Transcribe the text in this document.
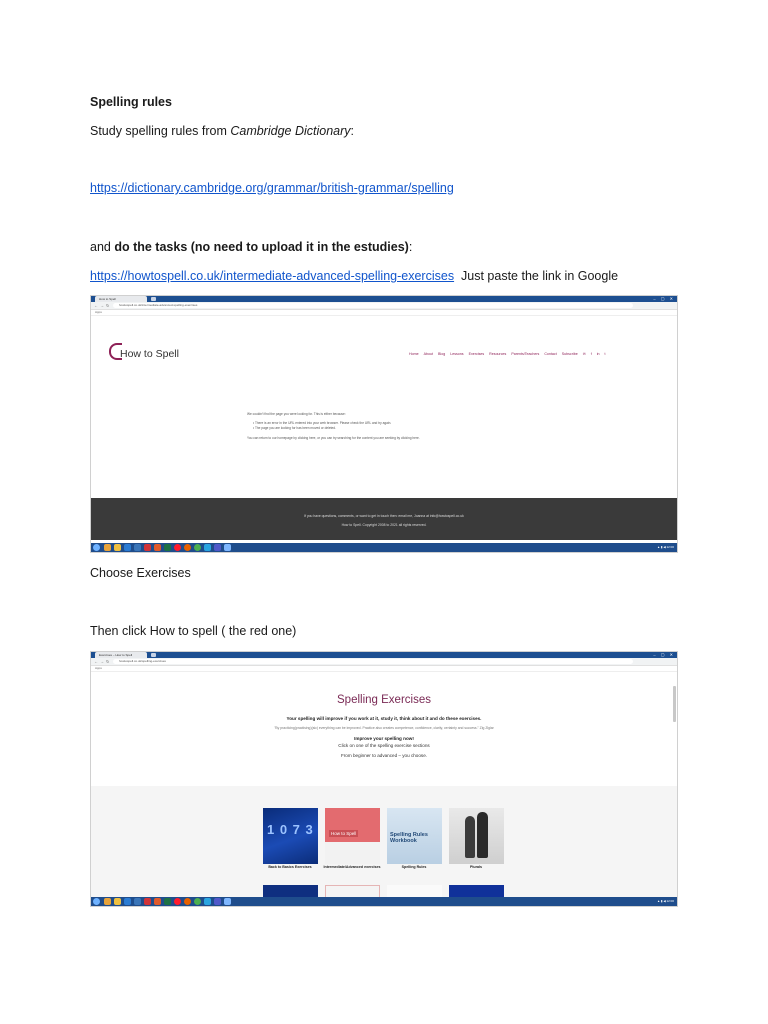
Spelling rules
Study spelling rules from Cambridge Dictionary:
https://dictionary.cambridge.org/grammar/british-grammar/spelling
and do the tasks (no need to upload it in the estudies):
https://howtospell.co.uk/intermediate-advanced-spelling-exercises  Just paste the link in Google
How to Spell	– ▢ ✕
← → ↻	howtospell.co.uk/intermediate-advanced-spelling-exercises
Apps
How to Spell	Home About Blog Lessons Exercises Resources Parents/Teachers Contact Subscribe ✉ f in t
We couldn't find the page you were looking for. This is either because:
• There is an error in the URL entered into your web browser. Please check the URL and try again.
• The page you are looking for has been moved or deleted.
You can return to our homepage by clicking here, or you can try searching for the content you are seeking by clicking here.
If you have questions, comments, or want to get in touch then: email me, Joanna at info@howtospell.co.uk
How to Spell. Copyright 2008 to 2021 all rights reserved.
▲ ▮ ◀ 12:00
Choose Exercises
Then click How to spell ( the red one)
Exercises – How to Spell	– ▢ ✕
← → ↻	howtospell.co.uk/spelling-exercises
Apps
Spelling Exercises
Your spelling will improve if you work at it, study it, think about it and do these exercises.
"By practicing(practising)(sic) everything can be improved. Practice also creates competence, confidence, clarity, certainty and success." Zig Ziglar
Improve your spelling now!
Click on one of the spelling exercise sections
From beginner to advanced – you choose.
1 0 7 3
Back to Basics Exercises
How to Spell
Intermediate/Advanced exercises
Spelling Rules Workbook
Spelling Rules	Plurals
▲ ▮ ◀ 12:00
